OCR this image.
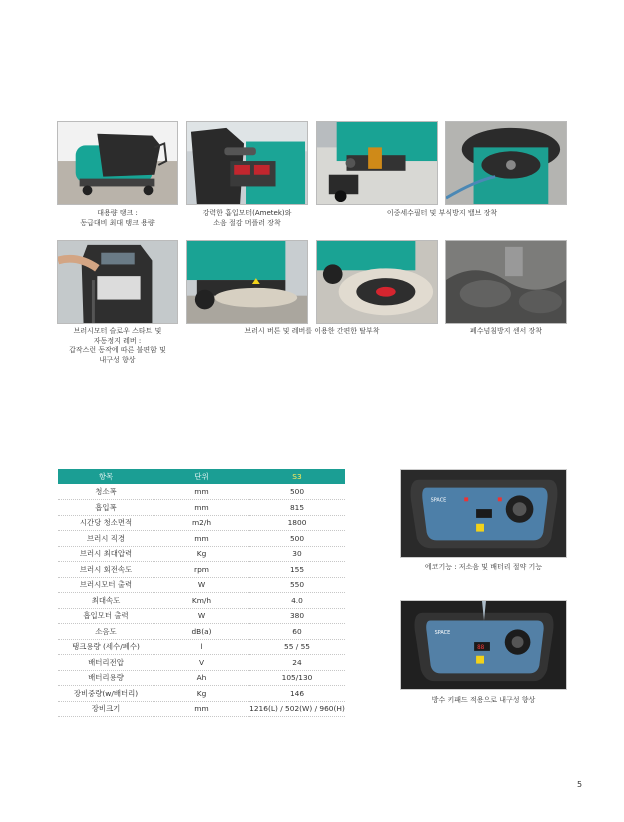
대용량 탱크 :
동급대비 최대 탱크 용량
강력한 흡입모터(Ametek)와
소음 절감 머플러 장착
이중세수필터 및 부식방지 밸브 장착
브러시모터 슬로우 스타트 및
자동정지 레버 :
갑작스런 동작에 따른 불편함 및
내구성 향상
브러시 버튼 및 레버를 이용한 간편한 탈부착	폐수넘침방지 센서 장착
항목	단위	S3
청소폭	mm	500
흡입폭	mm	815
시간당 청소면적	m2/h	1800
브러시 직경	mm	500
브러시 최대압력	Kg	30
브러시 회전속도	rpm	155
브러시모터 출력	W	550
최대속도	Km/h	4.0
흡입모터 출력	W	380
소음도	dB(a)	60
탱크용량 (세수/폐수)	l	55 / 55
배터리전압	V	24
배터리용량	Ah	105/130
장비중량(w/배터리)	Kg	146
장비크기	mm	1216(L) / 502(W) / 960(H)
SPACE
에코기능 : 저소음 및 배터리 절약 기능
SPACE
88
방수 키패드 적용으로 내구성 향상
5
